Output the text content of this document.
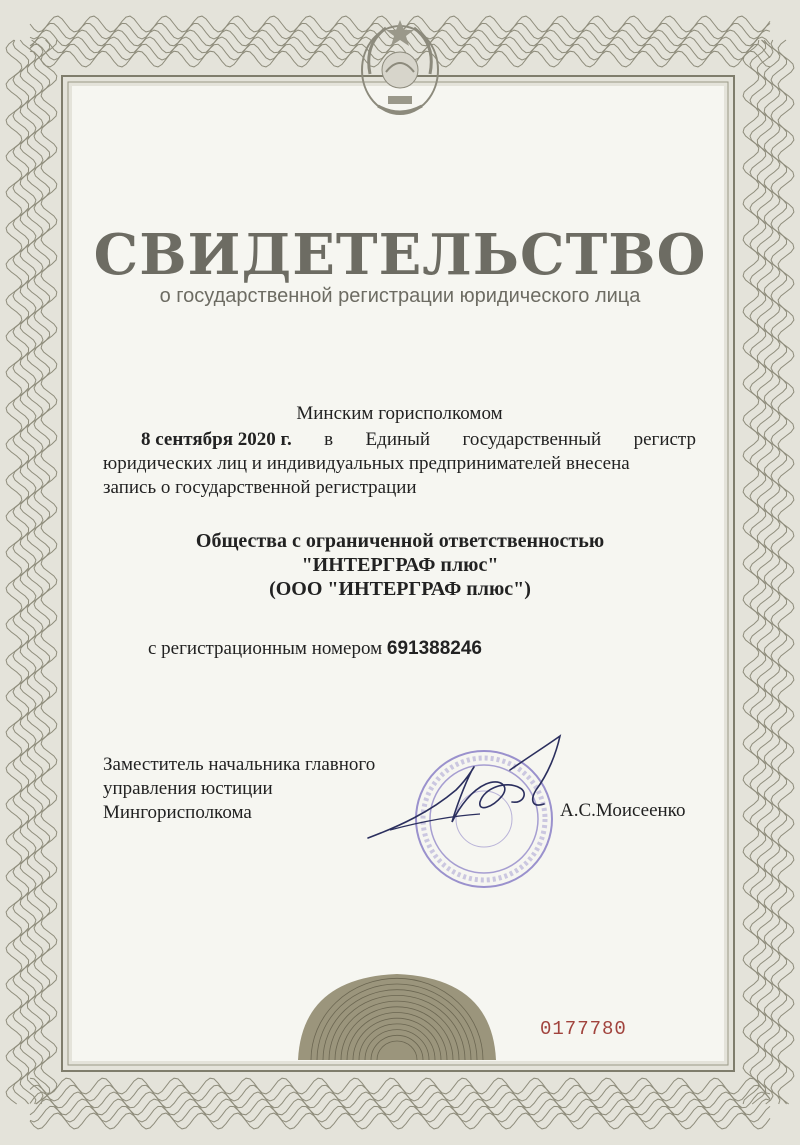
СВИДЕТЕЛЬСТВО
о государственной регистрации юридического лица
Минским горисполкомом
8 сентября 2020 г. в Единый государственный регистр
юридических лиц и индивидуальных предпринимателей внесена
запись о государственной регистрации
Общества с ограниченной ответственностью
"ИНТЕРГРАФ плюс"
(ООО "ИНТЕРГРАФ плюс")
с регистрационным номером 691388246
Заместитель начальника главного
управления юстиции
Мингорисполкома	А.С.Моисеенко
0177780
